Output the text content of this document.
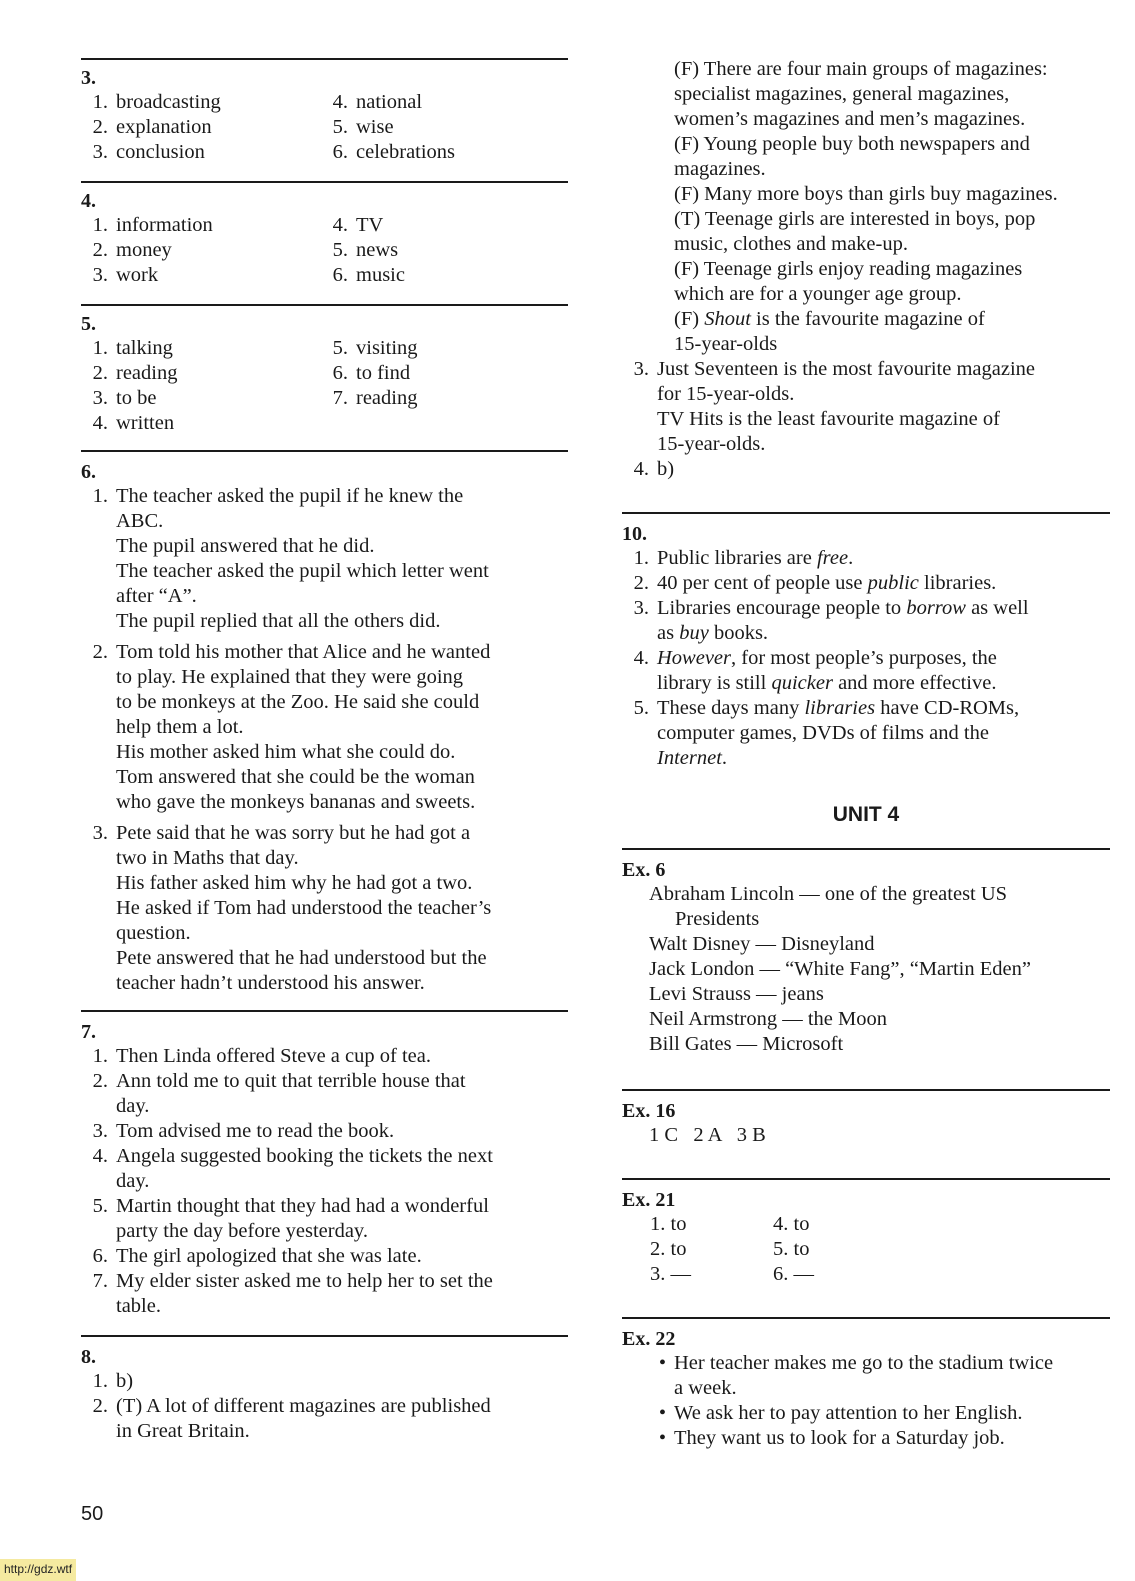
3.
1. broadcasting
2. explanation
3. conclusion
4. national
5. wise
6. celebrations
4.
1. information
2. money
3. work
4. TV
5. news
6. music
5.
1. talking
2. reading
3. to be
4. written
5. visiting
6. to find
7. reading
6.
1. The teacher asked the pupil if he knew the
ABC.
The pupil answered that he did.
The teacher asked the pupil which letter went
after “A”.
The pupil replied that all the others did.
2. Tom told his mother that Alice and he wanted
to play. He explained that they were going
to be monkeys at the Zoo. He said she could
help them a lot.
His mother asked him what she could do.
Tom answered that she could be the woman
who gave the monkeys bananas and sweets.
3. Pete said that he was sorry but he had got a
two in Maths that day.
His father asked him why he had got a two.
He asked if Tom had understood the teacher’s
question.
Pete answered that he had understood but the
teacher hadn’t understood his answer.
7.
1. Then Linda offered Steve a cup of tea.
2. Ann told me to quit that terrible house that
day.
3. Tom advised me to read the book.
4. Angela suggested booking the tickets the next
day.
5. Martin thought that they had had a wonderful
party the day before yesterday.
6. The girl apologized that she was late.
7. My elder sister asked me to help her to set the
table.
8.
1. b)
2. (T) A lot of different magazines are published
in Great Britain.
(F) There are four main groups of magazines:
specialist magazines, general magazines,
women’s magazines and men’s magazines.
(F) Young people buy both newspapers and
magazines.
(F) Many more boys than girls buy magazines.
(T) Teenage girls are interested in boys, pop
music, clothes and make-up.
(F) Teenage girls enjoy reading magazines
which are for a younger age group.
(F) Shout is the favourite magazine of
15-year-olds
3. Just Seventeen is the most favourite magazine
for 15-year-olds.
TV Hits is the least favourite magazine of
15-year-olds.
4. b)
10.
1. Public libraries are free.
2. 40 per cent of people use public libraries.
3. Libraries encourage people to borrow as well
as buy books.
4. However, for most people’s purposes, the
library is still quicker and more effective.
5. These days many libraries have CD-ROMs,
computer games, DVDs of films and the
Internet.
UNIT 4
Ex. 6
Abraham Lincoln — one of the greatest US
Presidents
Walt Disney — Disneyland
Jack London — “White Fang”, “Martin Eden”
Levi Strauss — jeans
Neil Armstrong — the Moon
Bill Gates — Microsoft
Ex. 16
1 C   2 A   3 B
Ex. 21
1. to
2. to
3. —
4. to
5. to
6. —
Ex. 22
• Her teacher makes me go to the stadium twice
a week.
• We ask her to pay attention to her English.
• They want us to look for a Saturday job.
50
http://gdz.wtf
